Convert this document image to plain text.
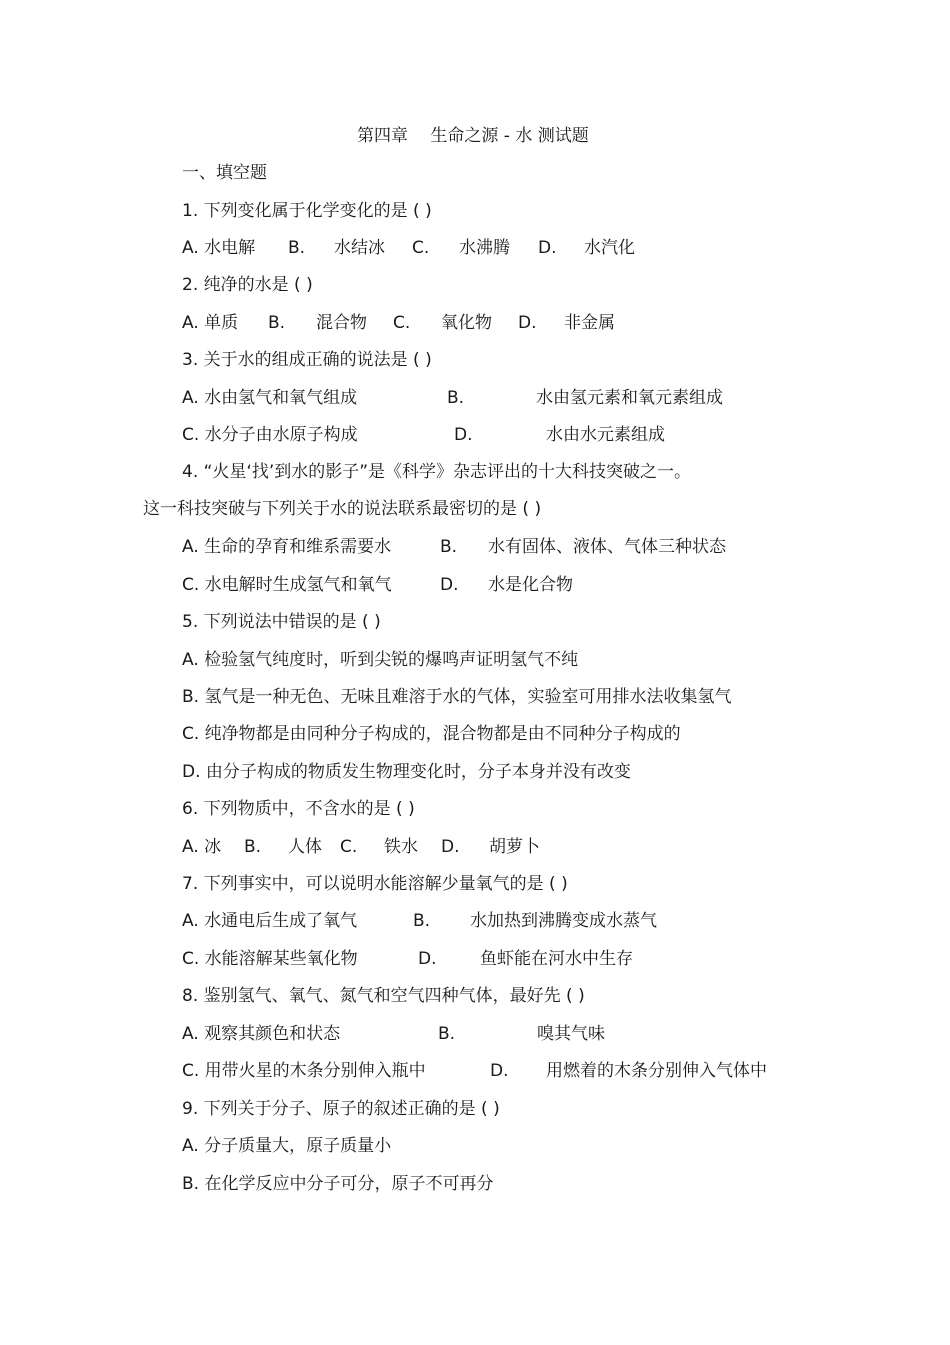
第四章　 生命之源 - 水 测试题
一、填空题
1. 下列变化属于化学变化的是 ( )
A. 水电解 B. 水结冰 C. 水沸腾 D. 水汽化
2. 纯净的水是 ( )
A. 单质 B. 混合物 C. 氧化物 D. 非金属
3. 关于水的组成正确的说法是 ( )
A. 水由氢气和氧气组成	B.	水由氢元素和氧元素组成
C. 水分子由水原子构成	D.	水由水元素组成
4. “火星‘找’到水的影子”是《科学》杂志评出的十大科技突破之一。
这一科技突破与下列关于水的说法联系最密切的是 ( )
A. 生命的孕育和维系需要水	B. 水有固体、液体、气体三种状态
C. 水电解时生成氢气和氧气	D. 水是化合物
5. 下列说法中错误的是 ( )
A. 检验氢气纯度时，听到尖锐的爆鸣声证明氢气不纯
B. 氢气是一种无色、无味且难溶于水的气体，实验室可用排水法收集氢气
C. 纯净物都是由同种分子构成的，混合物都是由不同种分子构成的
D. 由分子构成的物质发生物理变化时，分子本身并没有改变
6. 下列物质中，不含水的是 ( )
A. 冰 B. 人体 C. 铁水 D. 胡萝卜
7. 下列事实中，可以说明水能溶解少量氧气的是 ( )
A. 水通电后生成了氧气	B. 水加热到沸腾变成水蒸气
C. 水能溶解某些氧化物	D.	鱼虾能在河水中生存
8. 鉴别氢气、氧气、氮气和空气四种气体，最好先 ( )
A. 观察其颜色和状态	B.	嗅其气味
C. 用带火星的木条分别伸入瓶中	D. 用燃着的木条分别伸入气体中
9. 下列关于分子、原子的叙述正确的是 ( )
A. 分子质量大，原子质量小
B. 在化学反应中分子可分，原子不可再分
